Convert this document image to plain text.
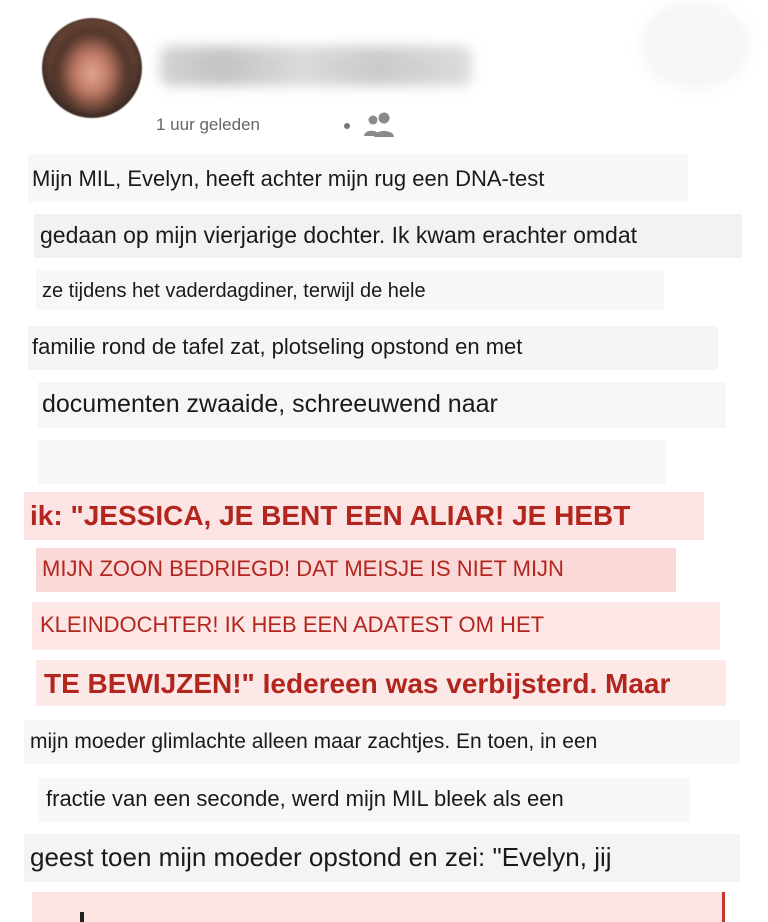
1 uur geleden
Mijn MIL, Evelyn, heeft achter mijn rug een DNA-test
gedaan op mijn vierjarige dochter. Ik kwam erachter omdat
ze tijdens het vaderdagdiner, terwijl de hele
familie rond de tafel zat, plotseling opstond en met
documenten zwaaide, schreeuwend naar
ik: "JESSICA, JE BENT EEN ALIAR! JE HEBT
MIJN ZOON BEDRIEGD! DAT MEISJE IS NIET MIJN
KLEINDOCHTER! IK HEB EEN ADATEST OM HET
TE BEWIJZEN!" Iedereen was verbijsterd. Maar
mijn moeder glimlachte alleen maar zachtjes. En toen, in een
fractie van een seconde, werd mijn MIL bleek als een
geest toen mijn moeder opstond en zei: "Evelyn, jij
